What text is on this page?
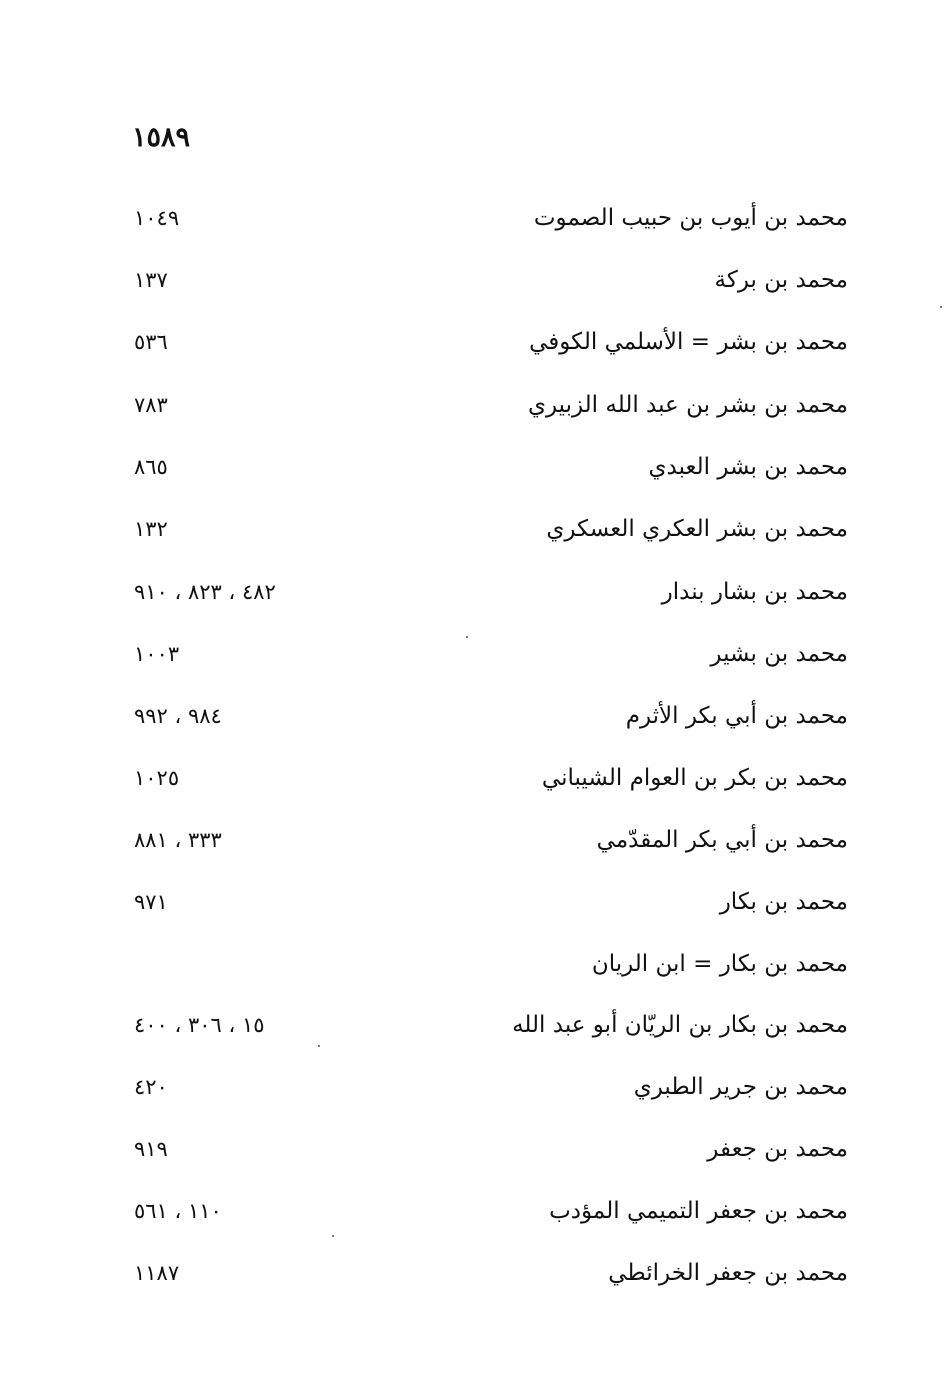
١٥٨٩
محمد بن أيوب بن حبيب الصموت
١٠٤٩
محمد بن بركة
١٣٧
محمد بن بشر = الأسلمي الكوفي
٥٣٦
محمد بن بشر بن عبد الله الزبيري
٧٨٣
محمد بن بشر العبدي
٨٦٥
محمد بن بشر العكري العسكري
١٣٢
محمد بن بشار بندار
٤٨٢ ، ٨٢٣ ، ٩١٠
محمد بن بشير
١٠٠٣
محمد بن أبي بكر الأثرم
٩٨٤ ، ٩٩٢
محمد بن بكر بن العوام الشيباني
١٠٢٥
محمد بن أبي بكر المقدّمي
٣٣٣ ، ٨٨١
محمد بن بكار
٩٧١
محمد بن بكار = ابن الريان
محمد بن بكار بن الريّان أبو عبد الله
١٥ ، ٣٠٦ ، ٤٠٠
محمد بن جرير الطبري
٤٢٠
محمد بن جعفر
٩١٩
محمد بن جعفر التميمي المؤدب
١١٠ ، ٥٦١
محمد بن جعفر الخرائطي
١١٨٧
